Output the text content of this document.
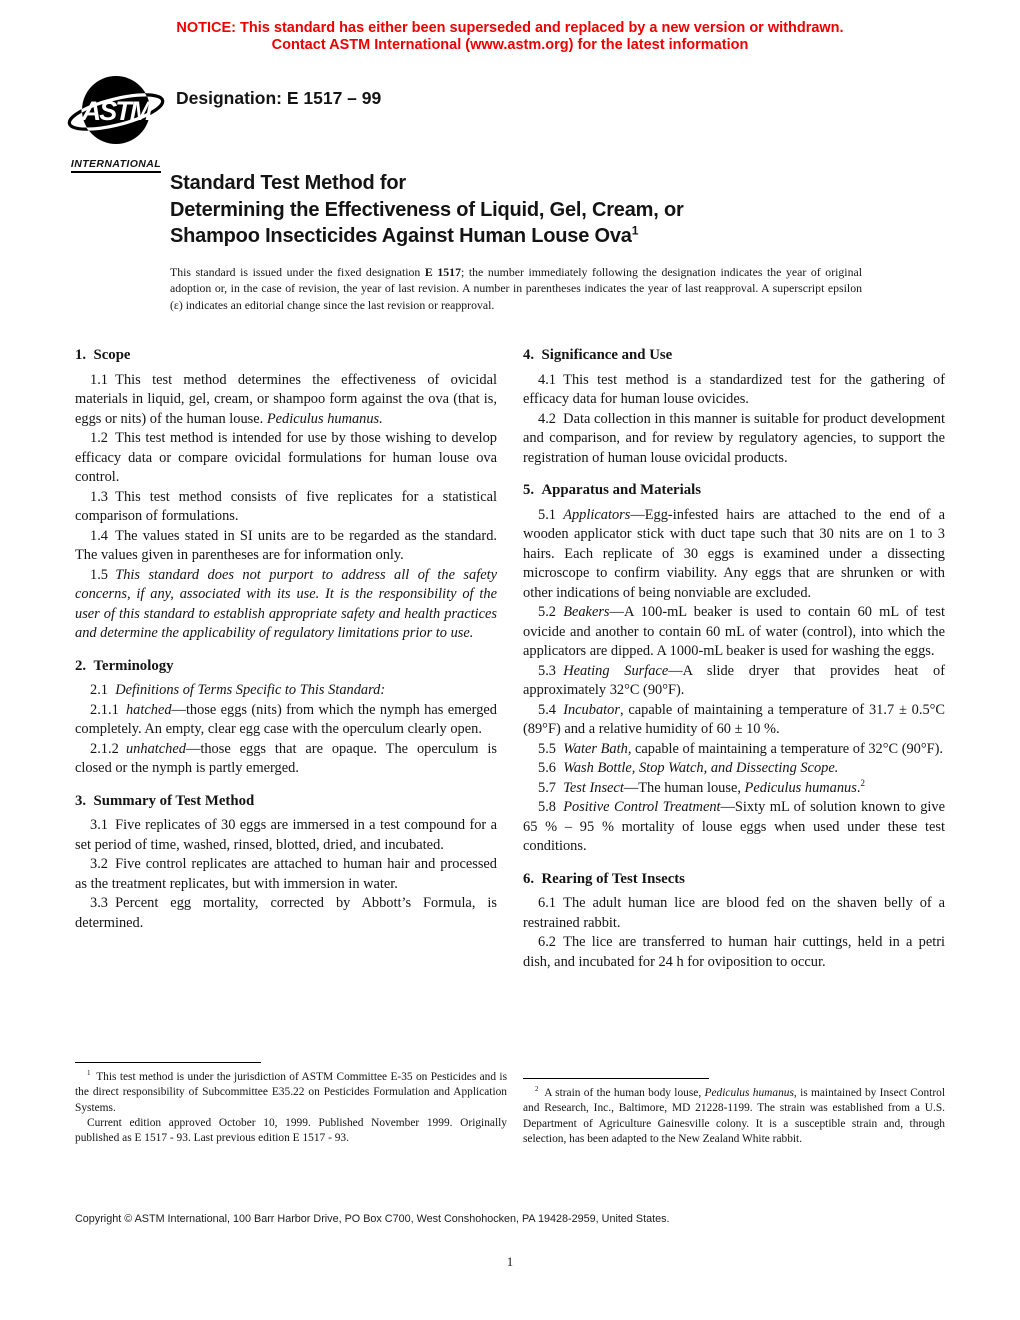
NOTICE: This standard has either been superseded and replaced by a new version or withdrawn.
Contact ASTM International (www.astm.org) for the latest information
ASTM
INTERNATIONAL
Designation: E 1517 – 99
Standard Test Method for
Determining the Effectiveness of Liquid, Gel, Cream, or
Shampoo Insecticides Against Human Louse Ova$^1$
This standard is issued under the fixed designation E 1517; the number immediately following the designation indicates the year of original adoption or, in the case of revision, the year of last revision. A number in parentheses indicates the year of last reapproval. A superscript epsilon (ε) indicates an editorial change since the last revision or reapproval.
1. Scope

1.1 This test method determines the effectiveness of ovicidal materials in liquid, gel, cream, or shampoo form against the ova (that is, eggs or nits) of the human louse. Pediculus humanus.

1.2 This test method is intended for use by those wishing to develop efficacy data or compare ovicidal formulations for human louse ova control.

1.3 This test method consists of five replicates for a statistical comparison of formulations.

1.4 The values stated in SI units are to be regarded as the standard. The values given in parentheses are for information only.

1.5 This standard does not purport to address all of the safety concerns, if any, associated with its use. It is the responsibility of the user of this standard to establish appropriate safety and health practices and determine the applicability of regulatory limitations prior to use.

2. Terminology

2.1 Definitions of Terms Specific to This Standard:

2.1.1 hatched—those eggs (nits) from which the nymph has emerged completely. An empty, clear egg case with the operculum clearly open.

2.1.2 unhatched—those eggs that are opaque. The operculum is closed or the nymph is partly emerged.

3. Summary of Test Method

3.1 Five replicates of 30 eggs are immersed in a test compound for a set period of time, washed, rinsed, blotted, dried, and incubated.

3.2 Five control replicates are attached to human hair and processed as the treatment replicates, but with immersion in water.

3.3 Percent egg mortality, corrected by Abbott’s Formula, is determined.

4. Significance and Use

4.1 This test method is a standardized test for the gathering of efficacy data for human louse ovicides.

4.2 Data collection in this manner is suitable for product development and comparison, and for review by regulatory agencies, to support the registration of human louse ovicidal products.

5. Apparatus and Materials

5.1 Applicators—Egg-infested hairs are attached to the end of a wooden applicator stick with duct tape such that 30 nits are on 1 to 3 hairs. Each replicate of 30 eggs is examined under a dissecting microscope to confirm viability. Any eggs that are shrunken or with other indications of being nonviable are excluded.

5.2 Beakers—A 100-mL beaker is used to contain 60 mL of test ovicide and another to contain 60 mL of water (control), into which the applicators are dipped. A 1000-mL beaker is used for washing the eggs.

5.3 Heating Surface—A slide dryer that provides heat of approximately 32°C (90°F).

5.4 Incubator, capable of maintaining a temperature of 31.7 ± 0.5°C (89°F) and a relative humidity of 60 ± 10 %.

5.5 Water Bath, capable of maintaining a temperature of 32°C (90°F).

5.6 Wash Bottle, Stop Watch, and Dissecting Scope.

5.7 Test Insect—The human louse, Pediculus humanus.$^2$

5.8 Positive Control Treatment—Sixty mL of solution known to give 65 % – 95 % mortality of louse eggs when used under these test conditions.

6. Rearing of Test Insects

6.1 The adult human lice are blood fed on the shaven belly of a restrained rabbit.

6.2 The lice are transferred to human hair cuttings, held in a petri dish, and incubated for 24 h for oviposition to occur.

$^1$ This test method is under the jurisdiction of ASTM Committee E-35 on Pesticides and is the direct responsibility of Subcommittee E35.22 on Pesticides Formulation and Application Systems.

Current edition approved October 10, 1999. Published November 1999. Originally published as E 1517 - 93. Last previous edition E 1517 - 93.

$^2$ A strain of the human body louse, Pediculus humanus, is maintained by Insect Control and Research, Inc., Baltimore, MD 21228-1199. The strain was established from a U.S. Department of Agriculture Gainesville colony. It is a susceptible strain and, through selection, has been adapted to the New Zealand White rabbit.

Copyright © ASTM International, 100 Barr Harbor Drive, PO Box C700, West Conshohocken, PA 19428-2959, United States.
1
